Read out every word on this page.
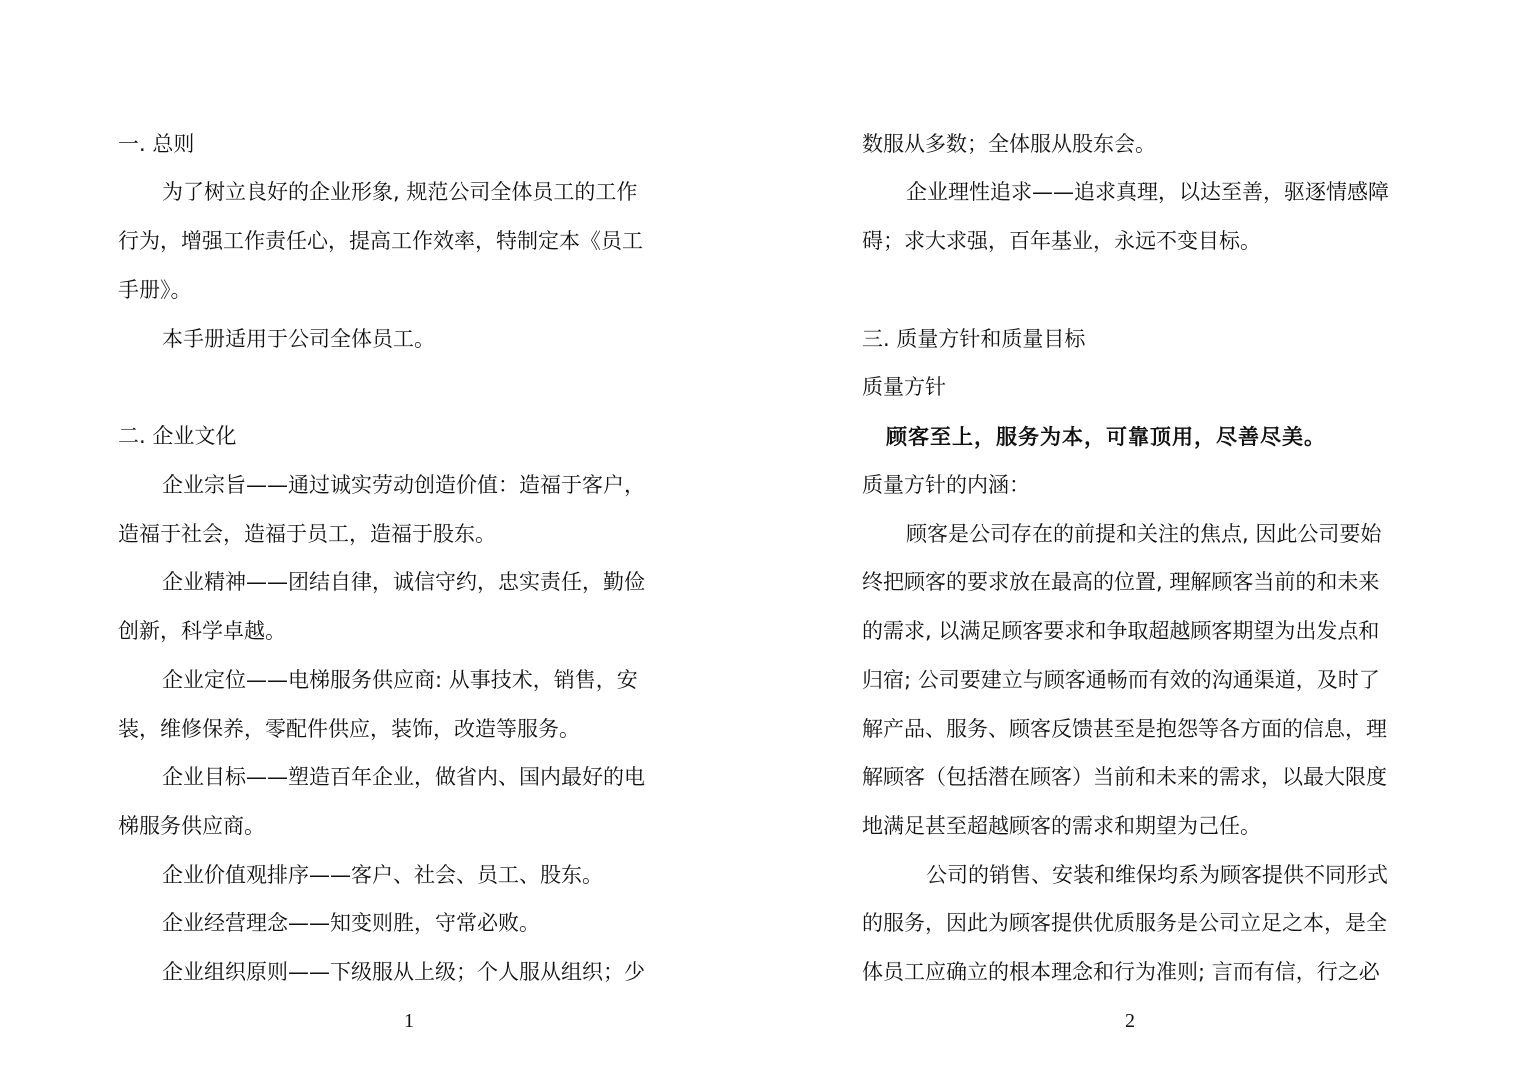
一. 总则
为了树立良好的企业形象, 规范公司全体员工的工作
行为，增强工作责任心，提高工作效率，特制定本《员工
手册》。
本手册适用于公司全体员工。
二. 企业文化
企业宗旨——通过诚实劳动创造价值：造福于客户，
造福于社会，造福于员工，造福于股东。
企业精神——团结自律，诚信守约，忠实责任，勤俭
创新，科学卓越。
企业定位——电梯服务供应商: 从事技术，销售，安
装，维修保养，零配件供应，装饰，改造等服务。
企业目标——塑造百年企业，做省内、国内最好的电
梯服务供应商。
企业价值观排序——客户、社会、员工、股东。
企业经营理念——知变则胜，守常必败。
企业组织原则——下级服从上级；个人服从组织；少
1
数服从多数；全体服从股东会。
企业理性追求——追求真理，以达至善，驱逐情感障
碍；求大求强，百年基业，永远不变目标。
三. 质量方针和质量目标
质量方针
顾客至上，服务为本，可靠顶用，尽善尽美。
质量方针的内涵：
顾客是公司存在的前提和关注的焦点, 因此公司要始
终把顾客的要求放在最高的位置, 理解顾客当前的和未来
的需求, 以满足顾客要求和争取超越顾客期望为出发点和
归宿; 公司要建立与顾客通畅而有效的沟通渠道，及时了
解产品、服务、顾客反馈甚至是抱怨等各方面的信息，理
解顾客（包括潜在顾客）当前和未来的需求，以最大限度
地满足甚至超越顾客的需求和期望为己任。
公司的销售、安装和维保均系为顾客提供不同形式
的服务，因此为顾客提供优质服务是公司立足之本，是全
体员工应确立的根本理念和行为准则; 言而有信，行之必
2
